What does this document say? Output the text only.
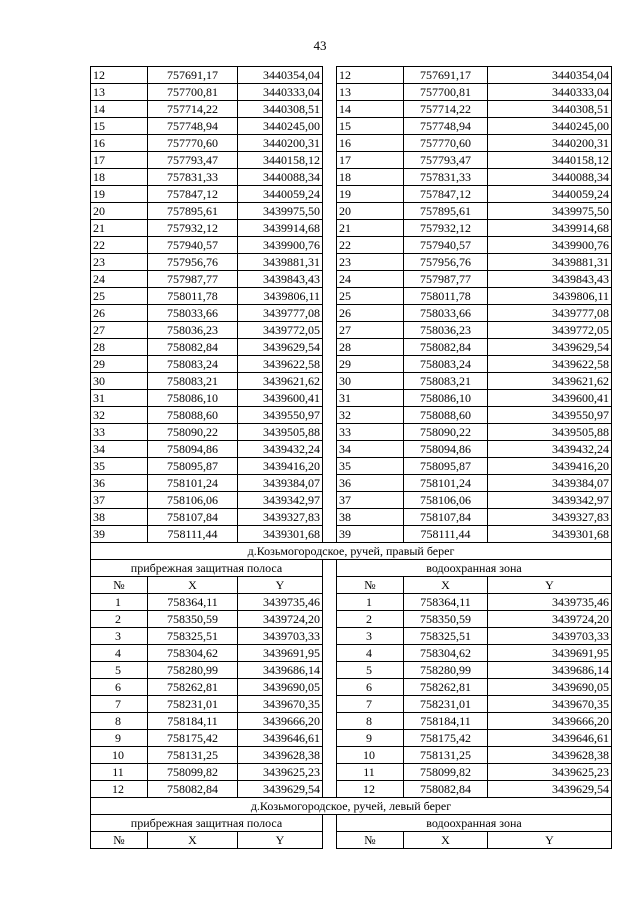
43
12	757691,17	3440354,04		12	757691,17	3440354,04
13	757700,81	3440333,04		13	757700,81	3440333,04
14	757714,22	3440308,51		14	757714,22	3440308,51
15	757748,94	3440245,00		15	757748,94	3440245,00
16	757770,60	3440200,31		16	757770,60	3440200,31
17	757793,47	3440158,12		17	757793,47	3440158,12
18	757831,33	3440088,34		18	757831,33	3440088,34
19	757847,12	3440059,24		19	757847,12	3440059,24
20	757895,61	3439975,50		20	757895,61	3439975,50
21	757932,12	3439914,68		21	757932,12	3439914,68
22	757940,57	3439900,76		22	757940,57	3439900,76
23	757956,76	3439881,31		23	757956,76	3439881,31
24	757987,77	3439843,43		24	757987,77	3439843,43
25	758011,78	3439806,11		25	758011,78	3439806,11
26	758033,66	3439777,08		26	758033,66	3439777,08
27	758036,23	3439772,05		27	758036,23	3439772,05
28	758082,84	3439629,54		28	758082,84	3439629,54
29	758083,24	3439622,58		29	758083,24	3439622,58
30	758083,21	3439621,62		30	758083,21	3439621,62
31	758086,10	3439600,41		31	758086,10	3439600,41
32	758088,60	3439550,97		32	758088,60	3439550,97
33	758090,22	3439505,88		33	758090,22	3439505,88
34	758094,86	3439432,24		34	758094,86	3439432,24
35	758095,87	3439416,20		35	758095,87	3439416,20
36	758101,24	3439384,07		36	758101,24	3439384,07
37	758106,06	3439342,97		37	758106,06	3439342,97
38	758107,84	3439327,83		38	758107,84	3439327,83
39	758111,44	3439301,68		39	758111,44	3439301,68
д.Козьмогородское, ручей, правый берег						
прибрежная защитная полоса				водоохранная зона		
№	X	Y		№	X	Y
1	758364,11	3439735,46		1	758364,11	3439735,46
2	758350,59	3439724,20		2	758350,59	3439724,20
3	758325,51	3439703,33		3	758325,51	3439703,33
4	758304,62	3439691,95		4	758304,62	3439691,95
5	758280,99	3439686,14		5	758280,99	3439686,14
6	758262,81	3439690,05		6	758262,81	3439690,05
7	758231,01	3439670,35		7	758231,01	3439670,35
8	758184,11	3439666,20		8	758184,11	3439666,20
9	758175,42	3439646,61		9	758175,42	3439646,61
10	758131,25	3439628,38		10	758131,25	3439628,38
11	758099,82	3439625,23		11	758099,82	3439625,23
12	758082,84	3439629,54		12	758082,84	3439629,54
д.Козьмогородское, ручей, левый берег						
прибрежная защитная полоса				водоохранная зона		
№	X	Y		№	X	Y
